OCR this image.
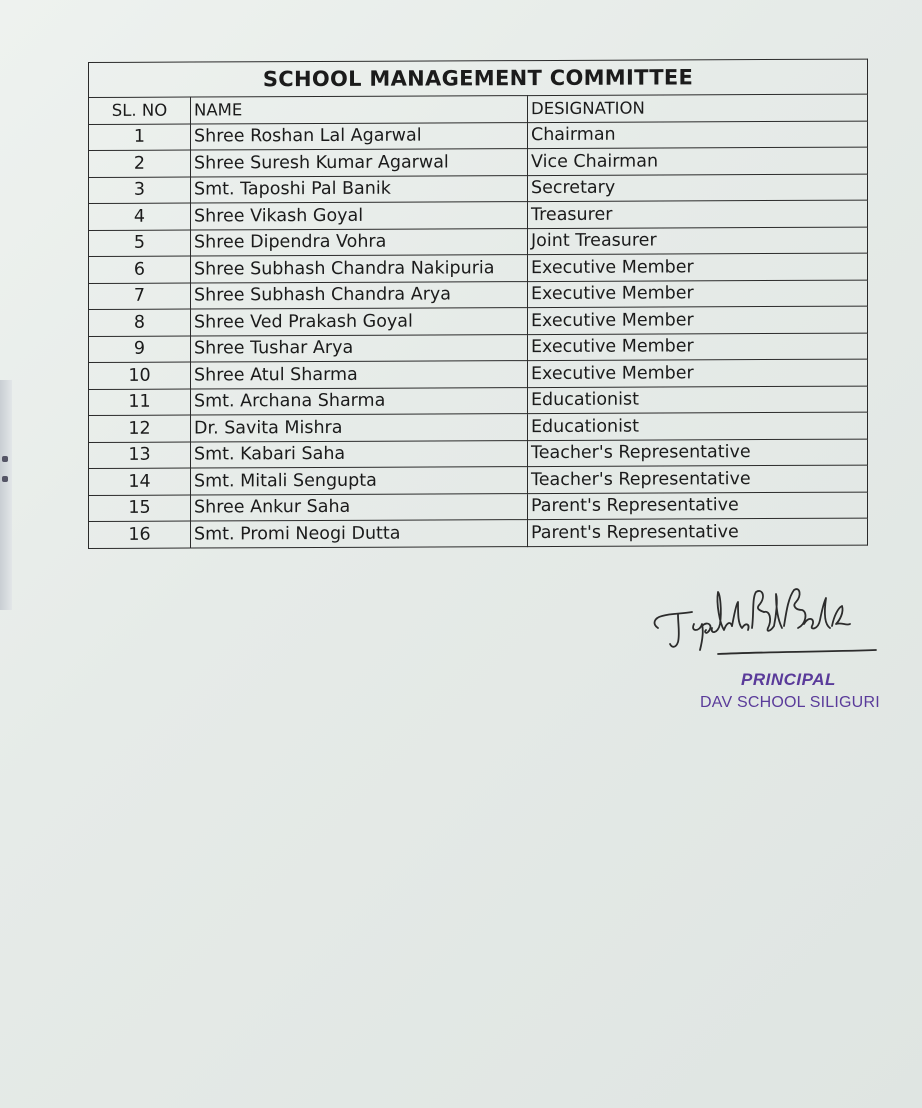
SCHOOL MANAGEMENT COMMITTEE		
SL. NO	NAME	DESIGNATION
1	Shree Roshan Lal Agarwal	Chairman
2	Shree Suresh Kumar Agarwal	Vice Chairman
3	Smt. Taposhi Pal Banik	Secretary
4	Shree Vikash Goyal	Treasurer
5	Shree Dipendra Vohra	Joint Treasurer
6	Shree Subhash Chandra Nakipuria	Executive Member
7	Shree Subhash Chandra Arya	Executive Member
8	Shree Ved Prakash Goyal	Executive Member
9	Shree Tushar Arya	Executive Member
10	Shree Atul Sharma	Executive Member
11	Smt. Archana Sharma	Educationist
12	Dr. Savita Mishra	Educationist
13	Smt. Kabari Saha	Teacher's Representative
14	Smt. Mitali Sengupta	Teacher's Representative
15	Shree Ankur Saha	Parent's Representative
16	Smt. Promi Neogi Dutta	Parent's Representative
PRINCIPAL
DAV SCHOOL SILIGURI
